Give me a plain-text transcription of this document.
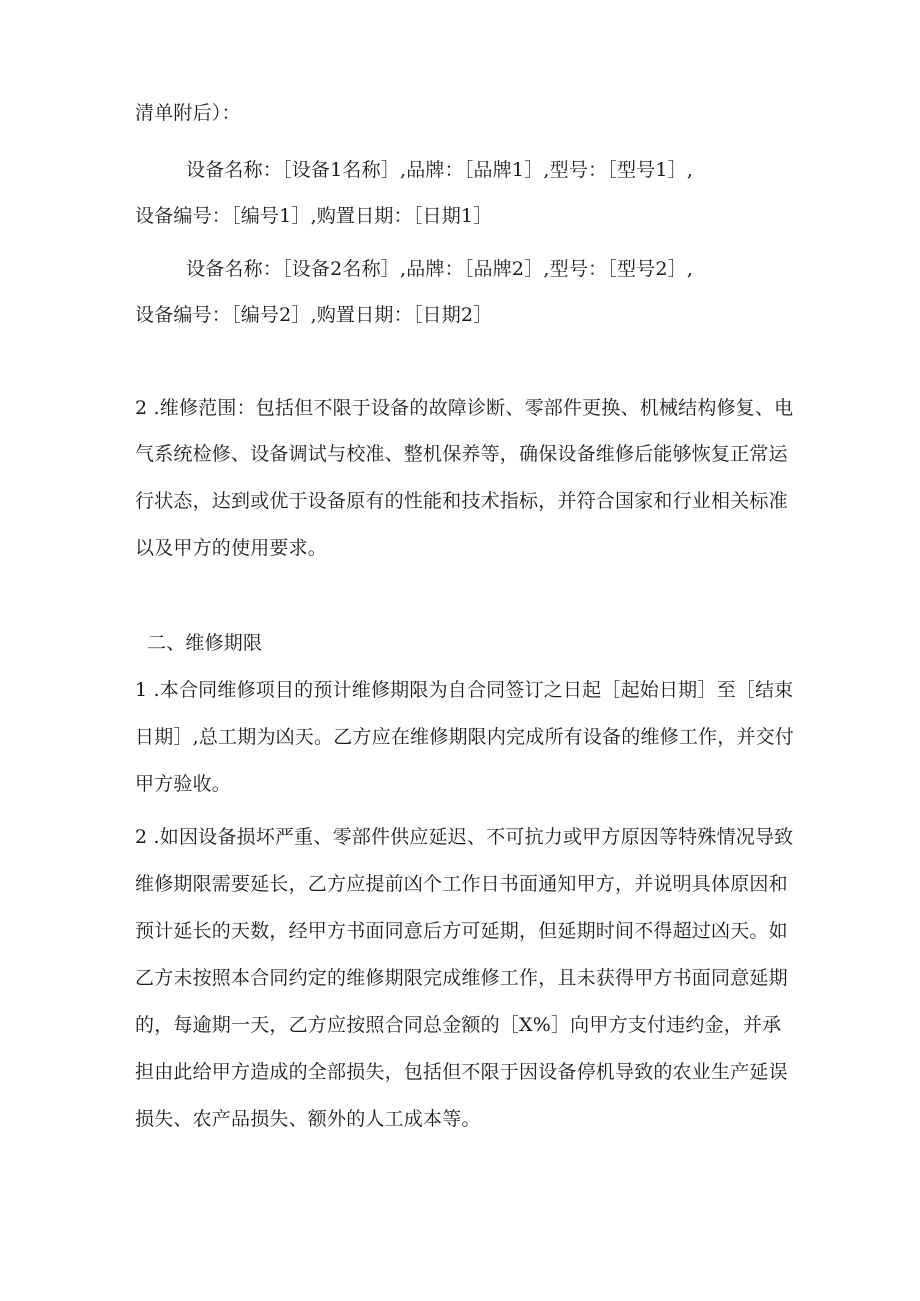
清单附后）：
设备名称：［设备1名称］,品牌：［品牌1］,型号：［型号1］,
设备编号：［编号1］,购置日期：［日期1］
设备名称：［设备2名称］,品牌：［品牌2］,型号：［型号2］,
设备编号：［编号2］,购置日期：［日期2］
2 .维修范围：包括但不限于设备的故障诊断、零部件更换、机械结构修复、电
气系统检修、设备调试与校准、整机保养等，确保设备维修后能够恢复正常运
行状态，达到或优于设备原有的性能和技术指标，并符合国家和行业相关标准
以及甲方的使用要求。
二、维修期限
1 .本合同维修项目的预计维修期限为自合同签订之日起［起始日期］至［结束
日期］,总工期为凶天。乙方应在维修期限内完成所有设备的维修工作，并交付
甲方验收。
2 .如因设备损坏严重、零部件供应延迟、不可抗力或甲方原因等特殊情况导致
维修期限需要延长，乙方应提前凶个工作日书面通知甲方，并说明具体原因和
预计延长的天数，经甲方书面同意后方可延期，但延期时间不得超过凶天。如
乙方未按照本合同约定的维修期限完成维修工作，且未获得甲方书面同意延期
的，每逾期一天，乙方应按照合同总金额的［X%］向甲方支付违约金，并承
担由此给甲方造成的全部损失，包括但不限于因设备停机导致的农业生产延误
损失、农产品损失、额外的人工成本等。
